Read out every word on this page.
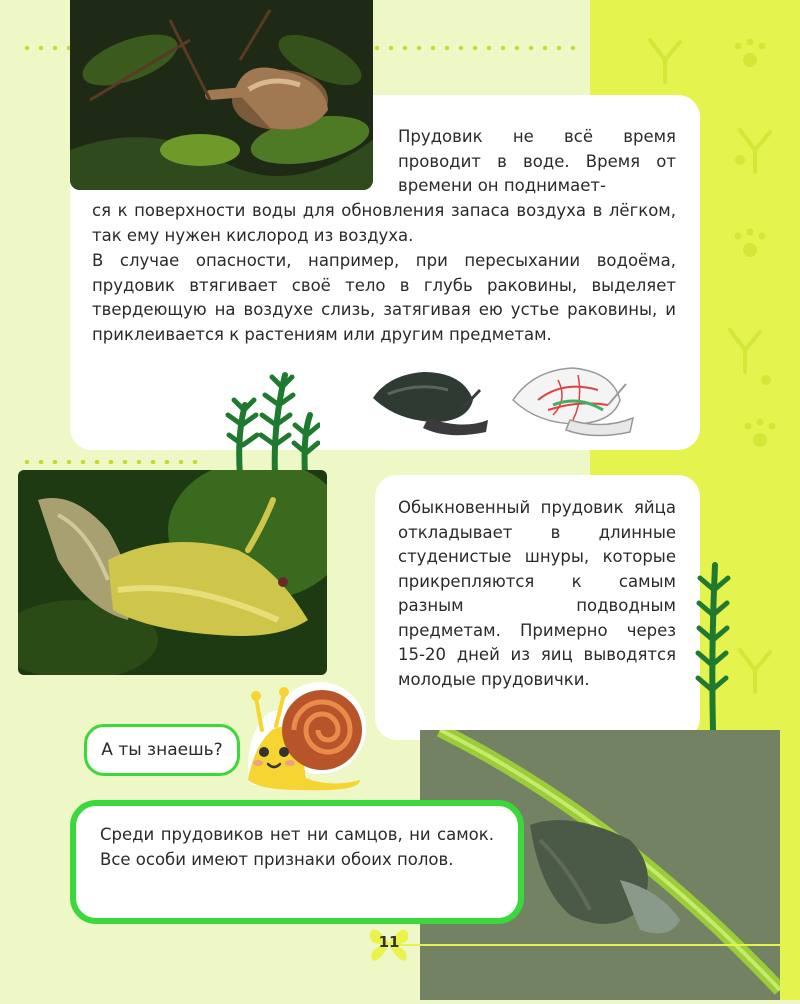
Прудовик не всё время проводит в воде. Время от времени он поднимает-
ся к поверхности воды для обновления запаса воздуха в лёгком, так ему нужен кислород из воздуха.
В случае опасности, например, при пересыхании водоёма, прудовик втягивает своё тело в глубь раковины, выделяет твердеющую на воздухе слизь, затягивая ею устье раковины, и приклеивается к растениям или другим предметам.
Обыкновенный прудовик яйца откладывает в длинные студенистые шнуры, которые прикрепляются к самым разным подводным предметам. Примерно через 15-20 дней из яиц выводятся молодые прудовички.
А ты знаешь?
Среди прудовиков нет ни самцов, ни самок. Все особи имеют признаки обоих полов.
11
